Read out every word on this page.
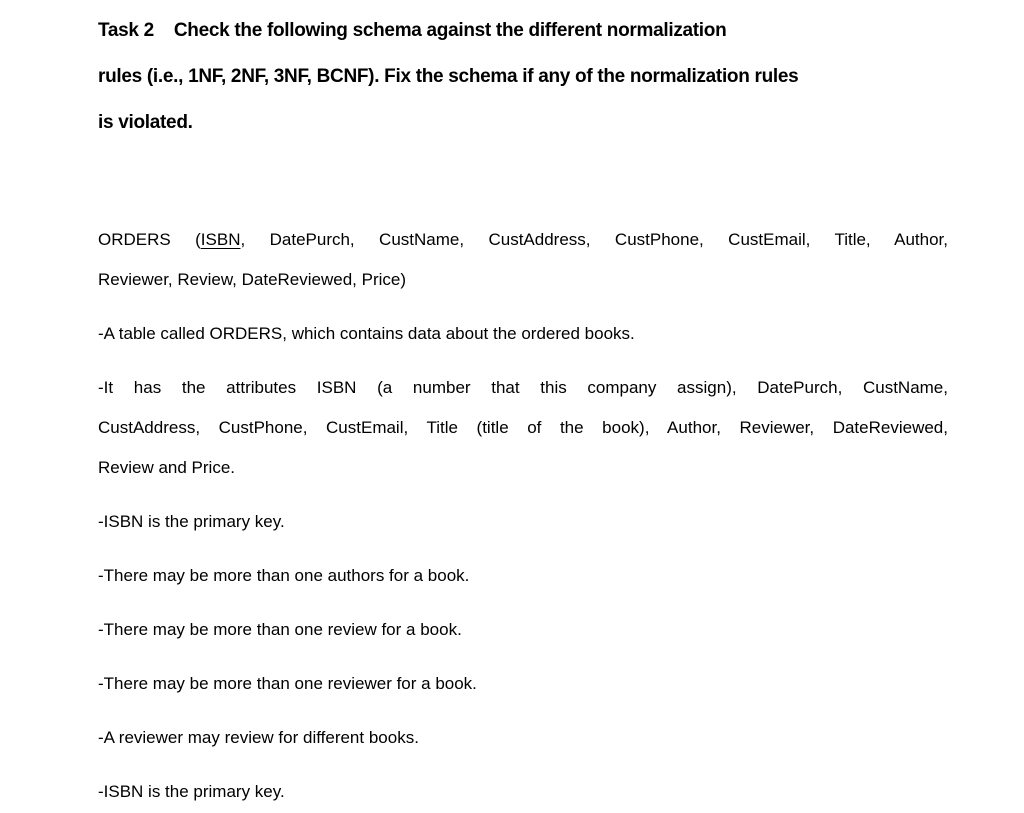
Task 2    Check the following schema against the different normalization
rules (i.e., 1NF, 2NF, 3NF, BCNF). Fix the schema if any of the normalization rules
is violated.
ORDERS (ISBN, DatePurch, CustName, CustAddress, CustPhone, CustEmail, Title, Author,
Reviewer, Review, DateReviewed, Price)
-A table called ORDERS, which contains data about the ordered books.
-It has the attributes ISBN (a number that this company assign), DatePurch, CustName,
CustAddress, CustPhone, CustEmail, Title (title of the book), Author, Reviewer, DateReviewed,
Review and Price.
-ISBN is the primary key.
-There may be more than one authors for a book.
-There may be more than one review for a book.
-There may be more than one reviewer for a book.
-A reviewer may review for different books.
-ISBN is the primary key.
